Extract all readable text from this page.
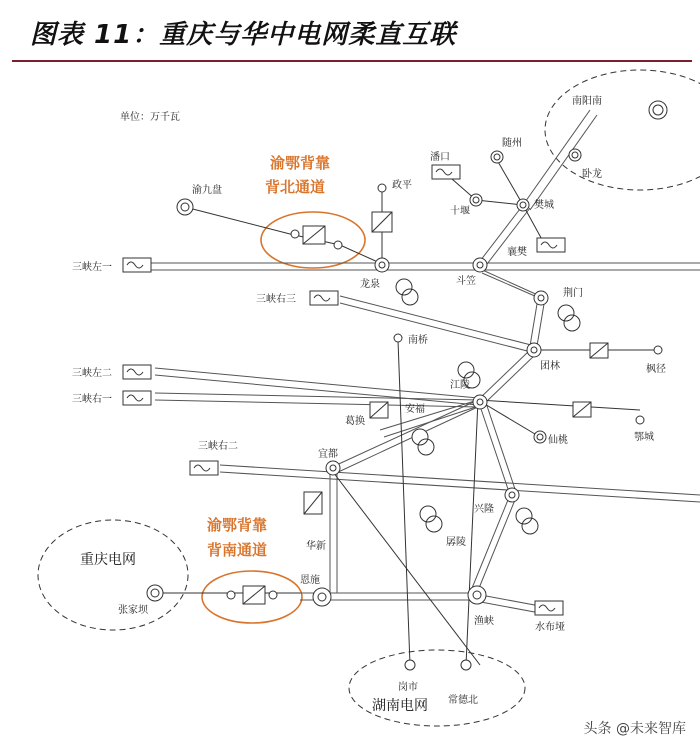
图表 11：重庆与华中电网柔直互联
单位：万千瓦
渝鄂背靠
背北通道
渝鄂背靠
背南通道
重庆电网
湖南电网
南阳南
随州
潘口
政平
渝九盘
十堰
樊城
卧龙
襄樊
三峡左一
龙泉	斗笠
荆门
三峡右三
南桥
团林	枫径
三峡左二
三峡右一
江陵
安福
葛换
鄂城
仙桃
三峡右二
宜都
兴隆
华新
张家坝
恩施
孱陵
渔峡
水布垭
岗市
常德北
头条 @未来智库
